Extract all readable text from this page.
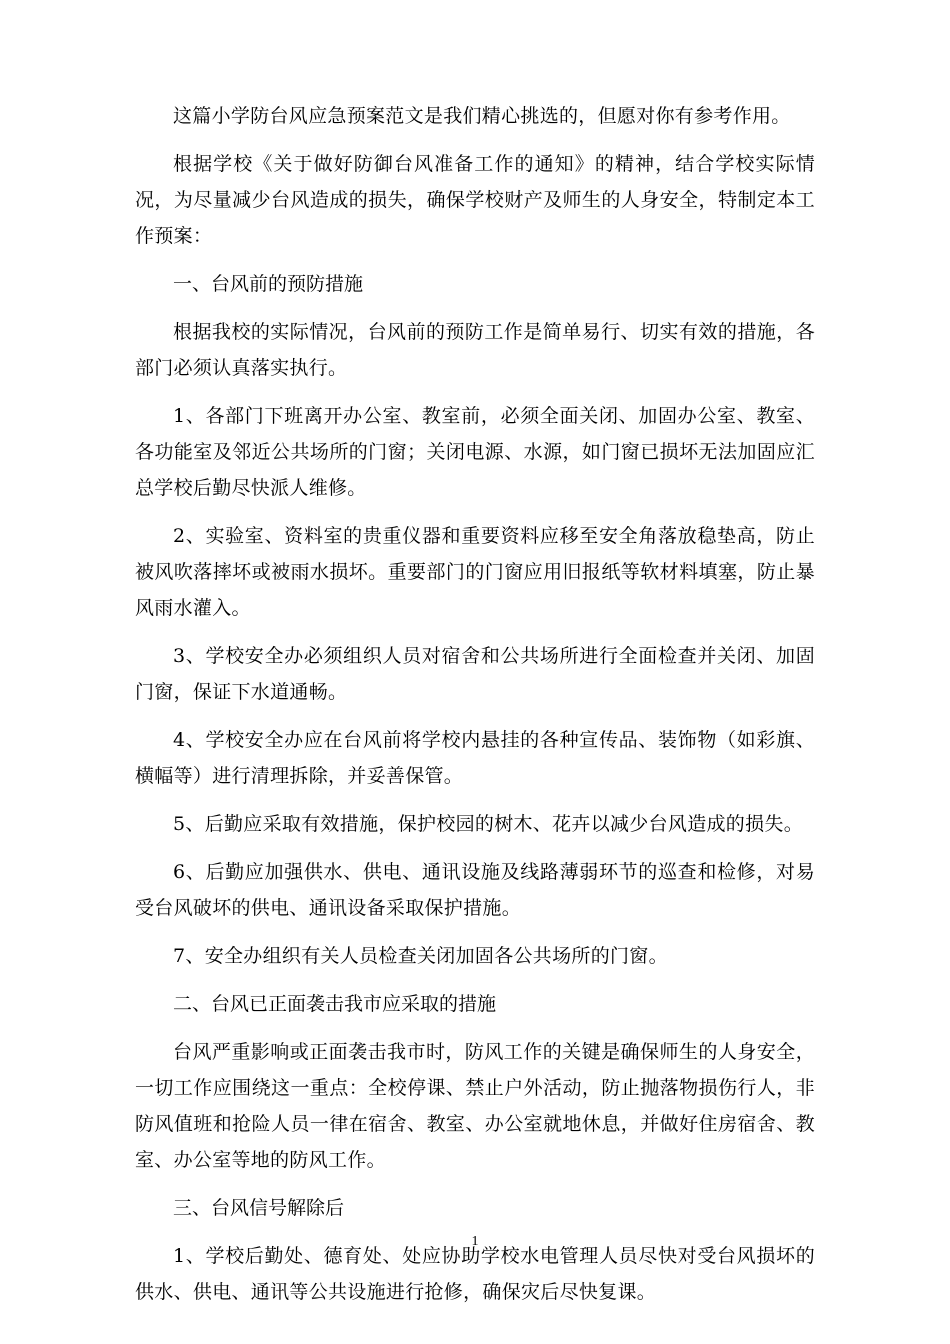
这篇小学防台风应急预案范文是我们精心挑选的，但愿对你有参考作用。

根据学校《关于做好防御台风准备工作的通知》的精神，结合学校实际情况，为尽量减少台风造成的损失，确保学校财产及师生的人身安全，特制定本工作预案：

一、台风前的预防措施

根据我校的实际情况，台风前的预防工作是简单易行、切实有效的措施，各部门必须认真落实执行。

1、各部门下班离开办公室、教室前，必须全面关闭、加固办公室、教室、各功能室及邻近公共场所的门窗；关闭电源、水源，如门窗已损坏无法加固应汇总学校后勤尽快派人维修。

2、实验室、资料室的贵重仪器和重要资料应移至安全角落放稳垫高，防止被风吹落摔坏或被雨水损坏。重要部门的门窗应用旧报纸等软材料填塞，防止暴风雨水灌入。

3、学校安全办必须组织人员对宿舍和公共场所进行全面检查并关闭、加固门窗，保证下水道通畅。

4、学校安全办应在台风前将学校内悬挂的各种宣传品、装饰物（如彩旗、横幅等）进行清理拆除，并妥善保管。

5、后勤应采取有效措施，保护校园的树木、花卉以减少台风造成的损失。

6、后勤应加强供水、供电、通讯设施及线路薄弱环节的巡查和检修，对易受台风破坏的供电、通讯设备采取保护措施。

7、安全办组织有关人员检查关闭加固各公共场所的门窗。

二、台风已正面袭击我市应采取的措施

台风严重影响或正面袭击我市时，防风工作的关键是确保师生的人身安全，一切工作应围绕这一重点：全校停课、禁止户外活动，防止抛落物损伤行人，非防风值班和抢险人员一律在宿舍、教室、办公室就地休息，并做好住房宿舍、教室、办公室等地的防风工作。

三、台风信号解除后

1、学校后勤处、德育处、处应协助学校水电管理人员尽快对受台风损坏的供水、供电、通讯等公共设施进行抢修，确保灾后尽快复课。

1
